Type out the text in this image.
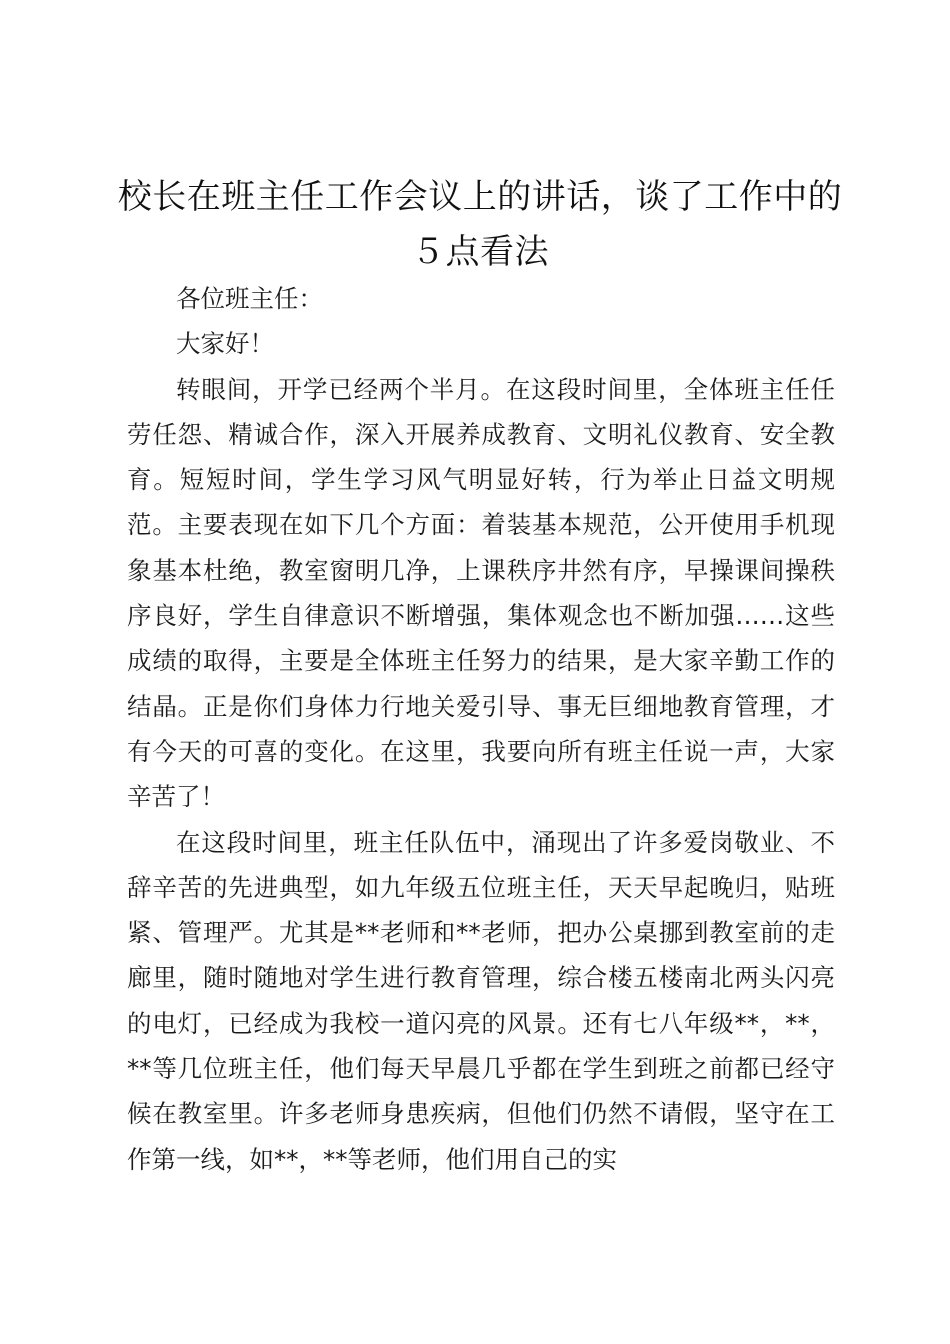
校长在班主任工作会议上的讲话，谈了工作中的５点看法

各位班主任：

大家好！

转眼间，开学已经两个半月。在这段时间里，全体班主任任劳任怨、精诚合作，深入开展养成教育、文明礼仪教育、安全教育。短短时间，学生学习风气明显好转，行为举止日益文明规范。主要表现在如下几个方面：着装基本规范，公开使用手机现象基本杜绝，教室窗明几净，上课秩序井然有序，早操课间操秩序良好，学生自律意识不断增强，集体观念也不断加强……这些成绩的取得，主要是全体班主任努力的结果，是大家辛勤工作的结晶。正是你们身体力行地关爱引导、事无巨细地教育管理，才有今天的可喜的变化。在这里，我要向所有班主任说一声，大家辛苦了！

在这段时间里，班主任队伍中，涌现出了许多爱岗敬业、不辞辛苦的先进典型，如九年级五位班主任，天天早起晚归，贴班紧、管理严。尤其是**老师和**老师，把办公桌挪到教室前的走廊里，随时随地对学生进行教育管理，综合楼五楼南北两头闪亮的电灯，已经成为我校一道闪亮的风景。还有七八年级**，**，**等几位班主任，他们每天早晨几乎都在学生到班之前都已经守候在教室里。许多老师身患疾病，但他们仍然不请假，坚守在工作第一线，如**，**等老师，他们用自己的实
